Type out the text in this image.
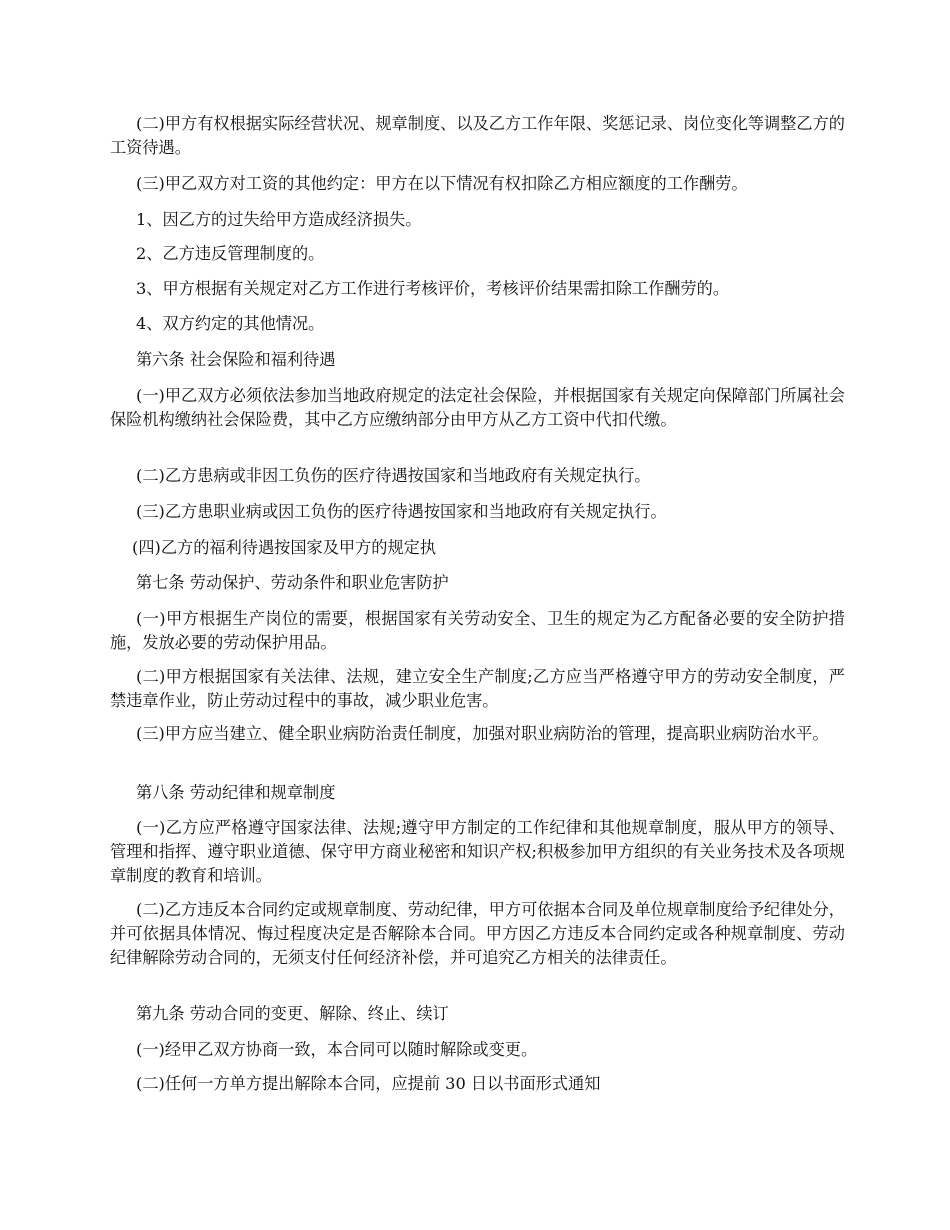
(二)甲方有权根据实际经营状况、规章制度、以及乙方工作年限、奖惩记录、岗位变化等调整乙方的工资待遇。

(三)甲乙双方对工资的其他约定：甲方在以下情况有权扣除乙方相应额度的工作酬劳。

1、因乙方的过失给甲方造成经济损失。

2、乙方违反管理制度的。

3、甲方根据有关规定对乙方工作进行考核评价，考核评价结果需扣除工作酬劳的。

4、双方约定的其他情况。

第六条 社会保险和福利待遇

(一)甲乙双方必须依法参加当地政府规定的法定社会保险，并根据国家有关规定向保障部门所属社会保险机构缴纳社会保险费，其中乙方应缴纳部分由甲方从乙方工资中代扣代缴。

(二)乙方患病或非因工负伤的医疗待遇按国家和当地政府有关规定执行。

(三)乙方患职业病或因工负伤的医疗待遇按国家和当地政府有关规定执行。

(四)乙方的福利待遇按国家及甲方的规定执

第七条 劳动保护、劳动条件和职业危害防护

(一)甲方根据生产岗位的需要，根据国家有关劳动安全、卫生的规定为乙方配备必要的安全防护措施，发放必要的劳动保护用品。

(二)甲方根据国家有关法律、法规，建立安全生产制度;乙方应当严格遵守甲方的劳动安全制度，严禁违章作业，防止劳动过程中的事故，减少职业危害。

(三)甲方应当建立、健全职业病防治责任制度，加强对职业病防治的管理，提高职业病防治水平。

第八条 劳动纪律和规章制度

(一)乙方应严格遵守国家法律、法规;遵守甲方制定的工作纪律和其他规章制度，服从甲方的领导、管理和指挥、遵守职业道德、保守甲方商业秘密和知识产权;积极参加甲方组织的有关业务技术及各项规章制度的教育和培训。

(二)乙方违反本合同约定或规章制度、劳动纪律，甲方可依据本合同及单位规章制度给予纪律处分，并可依据具体情况、悔过程度决定是否解除本合同。甲方因乙方违反本合同约定或各种规章制度、劳动纪律解除劳动合同的，无须支付任何经济补偿，并可追究乙方相关的法律责任。

第九条 劳动合同的变更、解除、终止、续订

(一)经甲乙双方协商一致，本合同可以随时解除或变更。

(二)任何一方单方提出解除本合同，应提前 30 日以书面形式通知
